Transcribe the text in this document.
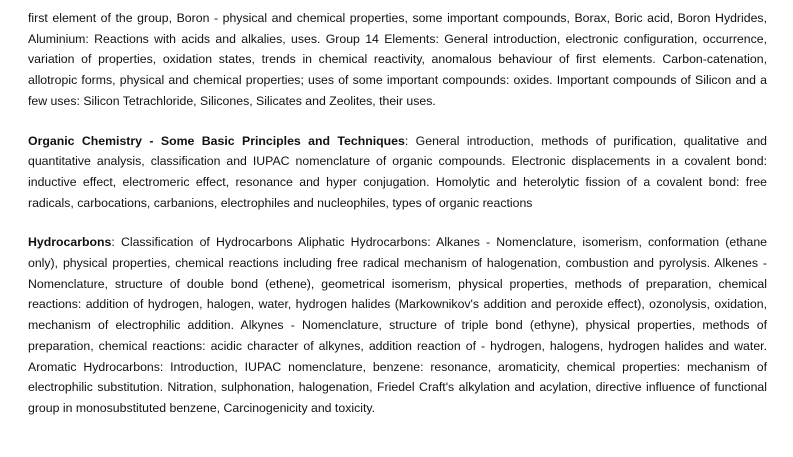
first element of the group, Boron - physical and chemical properties, some important compounds, Borax, Boric acid, Boron Hydrides, Aluminium: Reactions with acids and alkalies, uses. Group 14 Elements: General introduction, electronic configuration, occurrence, variation of properties, oxidation states, trends in chemical reactivity, anomalous behaviour of first elements. Carbon-catenation, allotropic forms, physical and chemical properties; uses of some important compounds: oxides. Important compounds of Silicon and a few uses: Silicon Tetrachloride, Silicones, Silicates and Zeolites, their uses.

Organic Chemistry - Some Basic Principles and Techniques: General introduction, methods of purification, qualitative and quantitative analysis, classification and IUPAC nomenclature of organic compounds. Electronic displacements in a covalent bond: inductive effect, electromeric effect, resonance and hyper conjugation. Homolytic and heterolytic fission of a covalent bond: free radicals, carbocations, carbanions, electrophiles and nucleophiles, types of organic reactions

Hydrocarbons: Classification of Hydrocarbons Aliphatic Hydrocarbons: Alkanes - Nomenclature, isomerism, conformation (ethane only), physical properties, chemical reactions including free radical mechanism of halogenation, combustion and pyrolysis. Alkenes - Nomenclature, structure of double bond (ethene), geometrical isomerism, physical properties, methods of preparation, chemical reactions: addition of hydrogen, halogen, water, hydrogen halides (Markownikov's addition and peroxide effect), ozonolysis, oxidation, mechanism of electrophilic addition. Alkynes - Nomenclature, structure of triple bond (ethyne), physical properties, methods of preparation, chemical reactions: acidic character of alkynes, addition reaction of - hydrogen, halogens, hydrogen halides and water. Aromatic Hydrocarbons: Introduction, IUPAC nomenclature, benzene: resonance, aromaticity, chemical properties: mechanism of electrophilic substitution. Nitration, sulphonation, halogenation, Friedel Craft's alkylation and acylation, directive influence of functional group in monosubstituted benzene, Carcinogenicity and toxicity.
